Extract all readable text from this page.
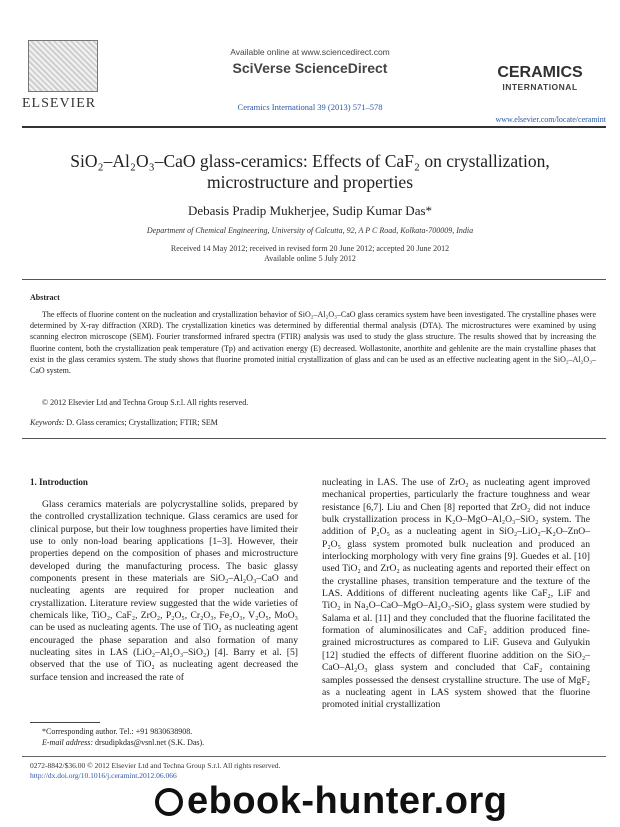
ELSEVIER
Available online at www.sciencedirect.com
SciVerse ScienceDirect
Ceramics International 39 (2013) 571–578
CERAMICS
INTERNATIONAL
www.elsevier.com/locate/ceramint
SiO₂–Al₂O₃–CaO glass-ceramics: Effects of CaF₂ on crystallization, microstructure and properties
Debasis Pradip Mukherjee, Sudip Kumar Das*
Department of Chemical Engineering, University of Calcutta, 92, A P C Road, Kolkata-700009, India
Received 14 May 2012; received in revised form 20 June 2012; accepted 20 June 2012
Available online 5 July 2012
Abstract
The effects of fluorine content on the nucleation and crystallization behavior of SiO₂–Al₂O₃–CaO glass ceramics system have been investigated. The crystalline phases were determined by X-ray diffraction (XRD). The crystallization kinetics was determined by differential thermal analysis (DTA). The microstructures were examined by using scanning electron microscope (SEM). Fourier transformed infrared spectra (FTIR) analysis was used to study the glass structure. The results showed that by increasing the fluorine content, both the crystallization peak temperature (Tp) and activation energy (E) decreased. Wollastonite, anorthite and gehlenite are the main crystalline phases that exist in the glass ceramics system. The study shows that fluorine promoted initial crystallization of glass and can be used as an effective nucleating agent in the SiO₂–Al₂O₃–CaO system.
© 2012 Elsevier Ltd and Techna Group S.r.l. All rights reserved.
Keywords: D. Glass ceramics; Crystallization; FTIR; SEM
1. Introduction

Glass ceramics materials are polycrystalline solids, prepared by the controlled crystallization technique. Glass ceramics are used for clinical purpose, but their low toughness properties have limited their use to only non-load bearing applications [1–3]. However, their properties depend on the composition of phases and microstructure developed during the manufacturing process. The basic glassy components present in these materials are SiO₂–Al₂O₃–CaO and nucleating agents are required for proper nucleation and crystallization. Literature review suggested that the wide varieties of chemicals like, TiO₂, CaF₂, ZrO₂, P₂O₅, Cr₂O₃, Fe₂O₃, V₂O₅, MoO₃ can be used as nucleating agents. The use of TiO₂ as nucleating agent encouraged the phase separation and also formation of many nucleating sites in LAS (LiO₂–Al₂O₃–SiO₂) [4]. Barry et al. [5] observed that the use of TiO₂ as nucleating agent decreased the surface tension and increased the rate of

nucleating in LAS. The use of ZrO₂ as nucleating agent improved mechanical properties, particularly the fracture toughness and wear resistance [6,7]. Liu and Chen [8] reported that ZrO₂ did not induce bulk crystallization process in K₂O–MgO–Al₂O₃–SiO₂ system. The addition of P₂O₅ as a nucleating agent in SiO₂–LiO₂–K₂O–ZnO–P₂O₅ glass system promoted bulk nucleation and produced an interlocking morphology with very fine grains [9]. Guedes et al. [10] used TiO₂ and ZrO₂ as nucleating agents and reported their effect on the crystalline phases, transition temperature and the texture of the LAS. Additions of different nucleating agents like CaF₂, LiF and TiO₂ in Na₂O–CaO–MgO–Al₂O₃-SiO₂ glass system were studied by Salama et al. [11] and they concluded that the fluorine facilitated the formation of aluminosilicates and CaF₂ addition produced fine-grained microstructures as compared to LiF. Guseva and Gulyukin [12] studied the effects of different fluorine addition on the SiO₂–CaO–Al₂O₃ glass system and concluded that CaF₂ containing samples possessed the densest crystalline structure. The use of MgF₂ as a nucleating agent in LAS system showed that the fluorine promoted initial crystallization

*Corresponding author. Tel.: +91 9830638908.
E-mail address: drsudipkdas@vsnl.net (S.K. Das).
0272-8842/$36.00 © 2012 Elsevier Ltd and Techna Group S.r.l. All rights reserved.
http://dx.doi.org/10.1016/j.ceramint.2012.06.066
ebook-hunter.org
